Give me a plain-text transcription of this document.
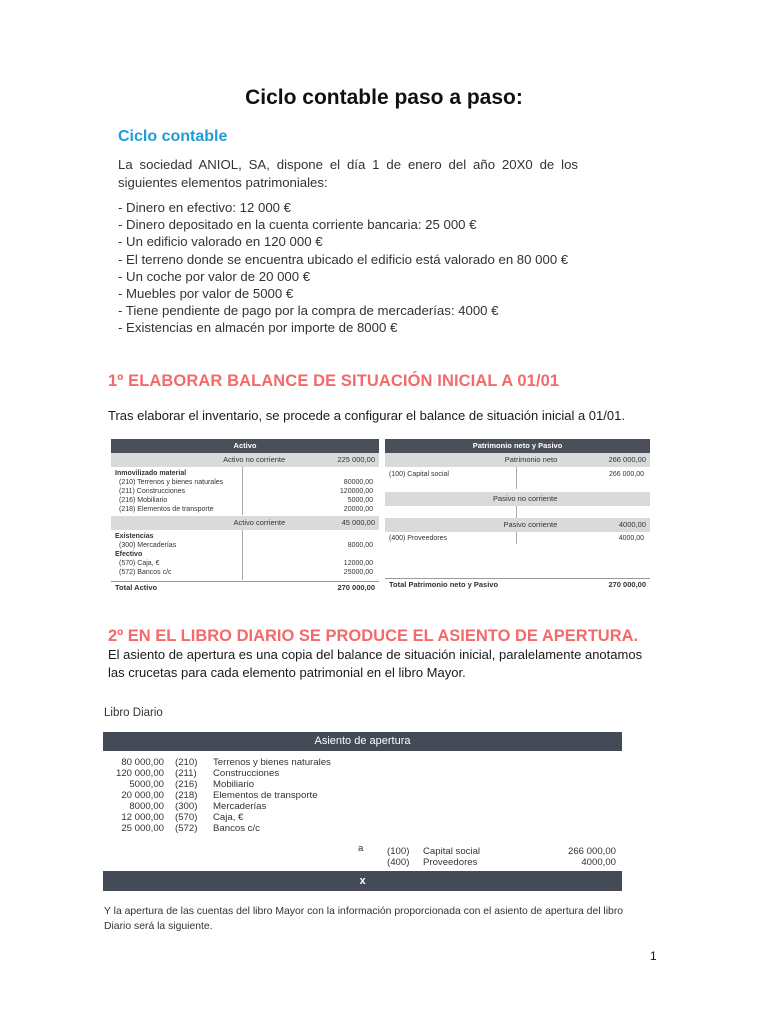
Ciclo contable paso a paso:
Ciclo contable
La sociedad ANIOL, SA, dispone el día 1 de enero del año 20X0 de los siguientes elementos patrimoniales:
- Dinero en efectivo: 12 000 €
- Dinero depositado en la cuenta corriente bancaria: 25 000 €
- Un edificio valorado en 120 000 €
- El terreno donde se encuentra ubicado el edificio está valorado en 80 000 €
- Un coche por valor de 20 000 €
- Muebles por valor de 5000 €
- Tiene pendiente de pago por la compra de mercaderías: 4000 €
- Existencias en almacén por importe de 8000 €
1º ELABORAR BALANCE DE SITUACIÓN INICIAL A 01/01
Tras elaborar el inventario, se procede a configurar el balance de situación inicial a 01/01.
Activo
Activo no corriente	225 000,00
Inmovilizado material
(210) Terrenos y bienes naturales	80000,00
(211) Construcciones	120000,00
(216) Mobiliario	5000,00
(218) Elementos de transporte	20000,00
Activo corriente	45 000,00
Existencias
(300) Mercaderías	8000,00
Efectivo
(570) Caja, €	12000,00
(572) Bancos c/c	25000,00
Total Activo	270 000,00
Patrimonio neto y Pasivo
Patrimonio neto	266 000,00
(100) Capital social	266 000,00
Pasivo no corriente
Pasivo corriente	4000,00
(400) Proveedores	4000,00
Total Patrimonio neto y Pasivo	270 000,00
2º EN EL LIBRO DIARIO SE PRODUCE EL ASIENTO DE APERTURA. El asiento de apertura es una copia del balance de situación inicial, paralelamente anotamos las crucetas para cada elemento patrimonial en el libro Mayor.
Libro Diario
Asiento de apertura
80 000,00 (210) Terrenos y bienes naturales
120 000,00 (211) Construcciones
5000,00 (216) Mobiliario
20 000,00 (218) Elementos de transporte
8000,00 (300) Mercaderías
12 000,00 (570) Caja, €
25 000,00 (572) Bancos c/c
a (100) Capital social	266 000,00
(400) Proveedores	4000,00
x
Y la apertura de las cuentas del libro Mayor con la información proporcionada con el asiento de apertura del libro Diario será la siguiente.
1
